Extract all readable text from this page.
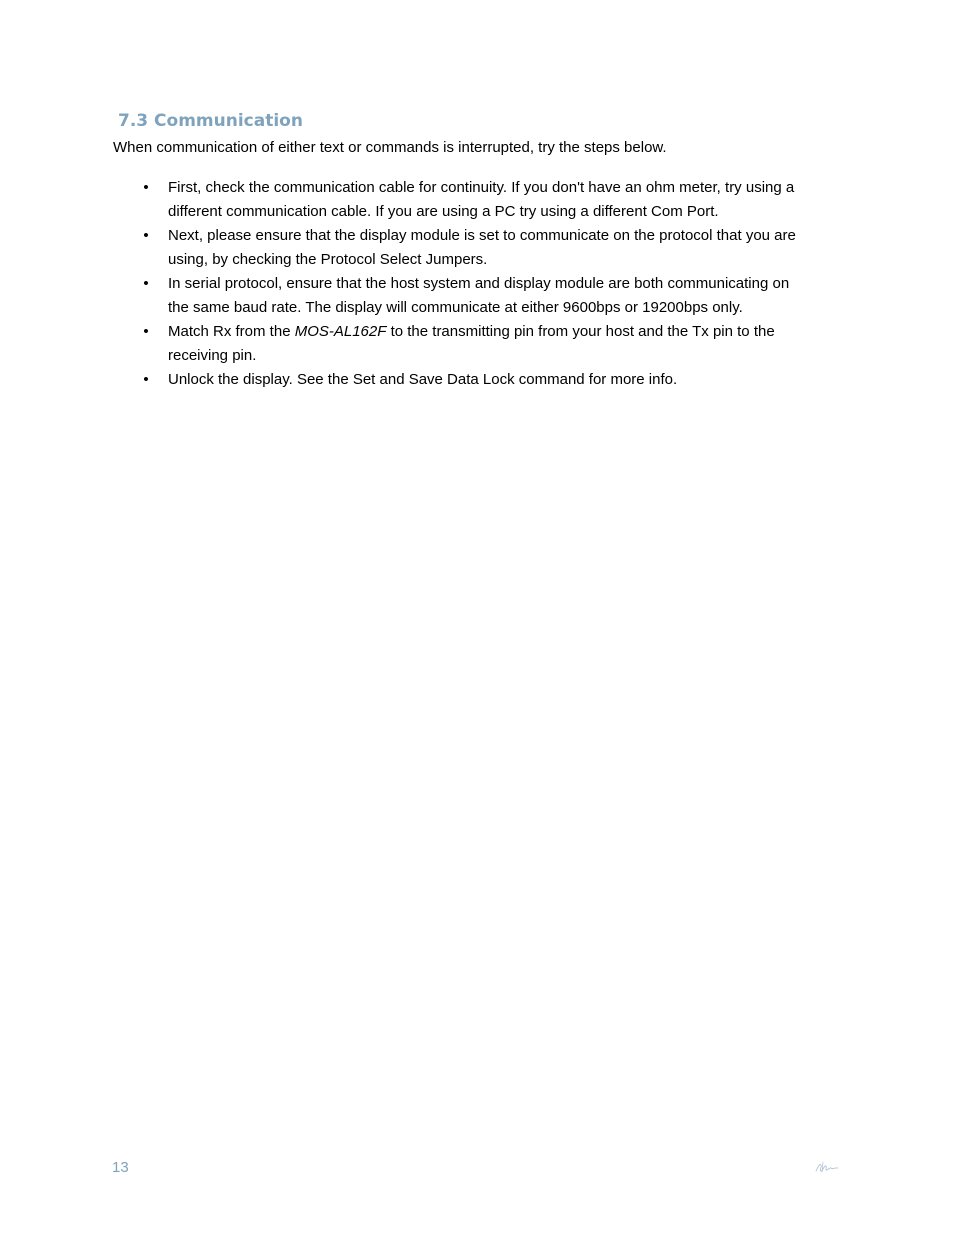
7.3 Communication

When communication of either text or commands is interrupted, try the steps below.

• First, check the communication cable for continuity. If you don't have an ohm meter, try using a
different communication cable. If you are using a PC try using a different Com Port.
• Next, please ensure that the display module is set to communicate on the protocol that you are
using, by checking the Protocol Select Jumpers.
• In serial protocol, ensure that the host system and display module are both communicating on
the same baud rate. The display will communicate at either 9600bps or 19200bps only.
• Match Rx from the MOS-AL162F to the transmitting pin from your host and the Tx pin to the
receiving pin.
• Unlock the display. See the Set and Save Data Lock command for more info.
13
